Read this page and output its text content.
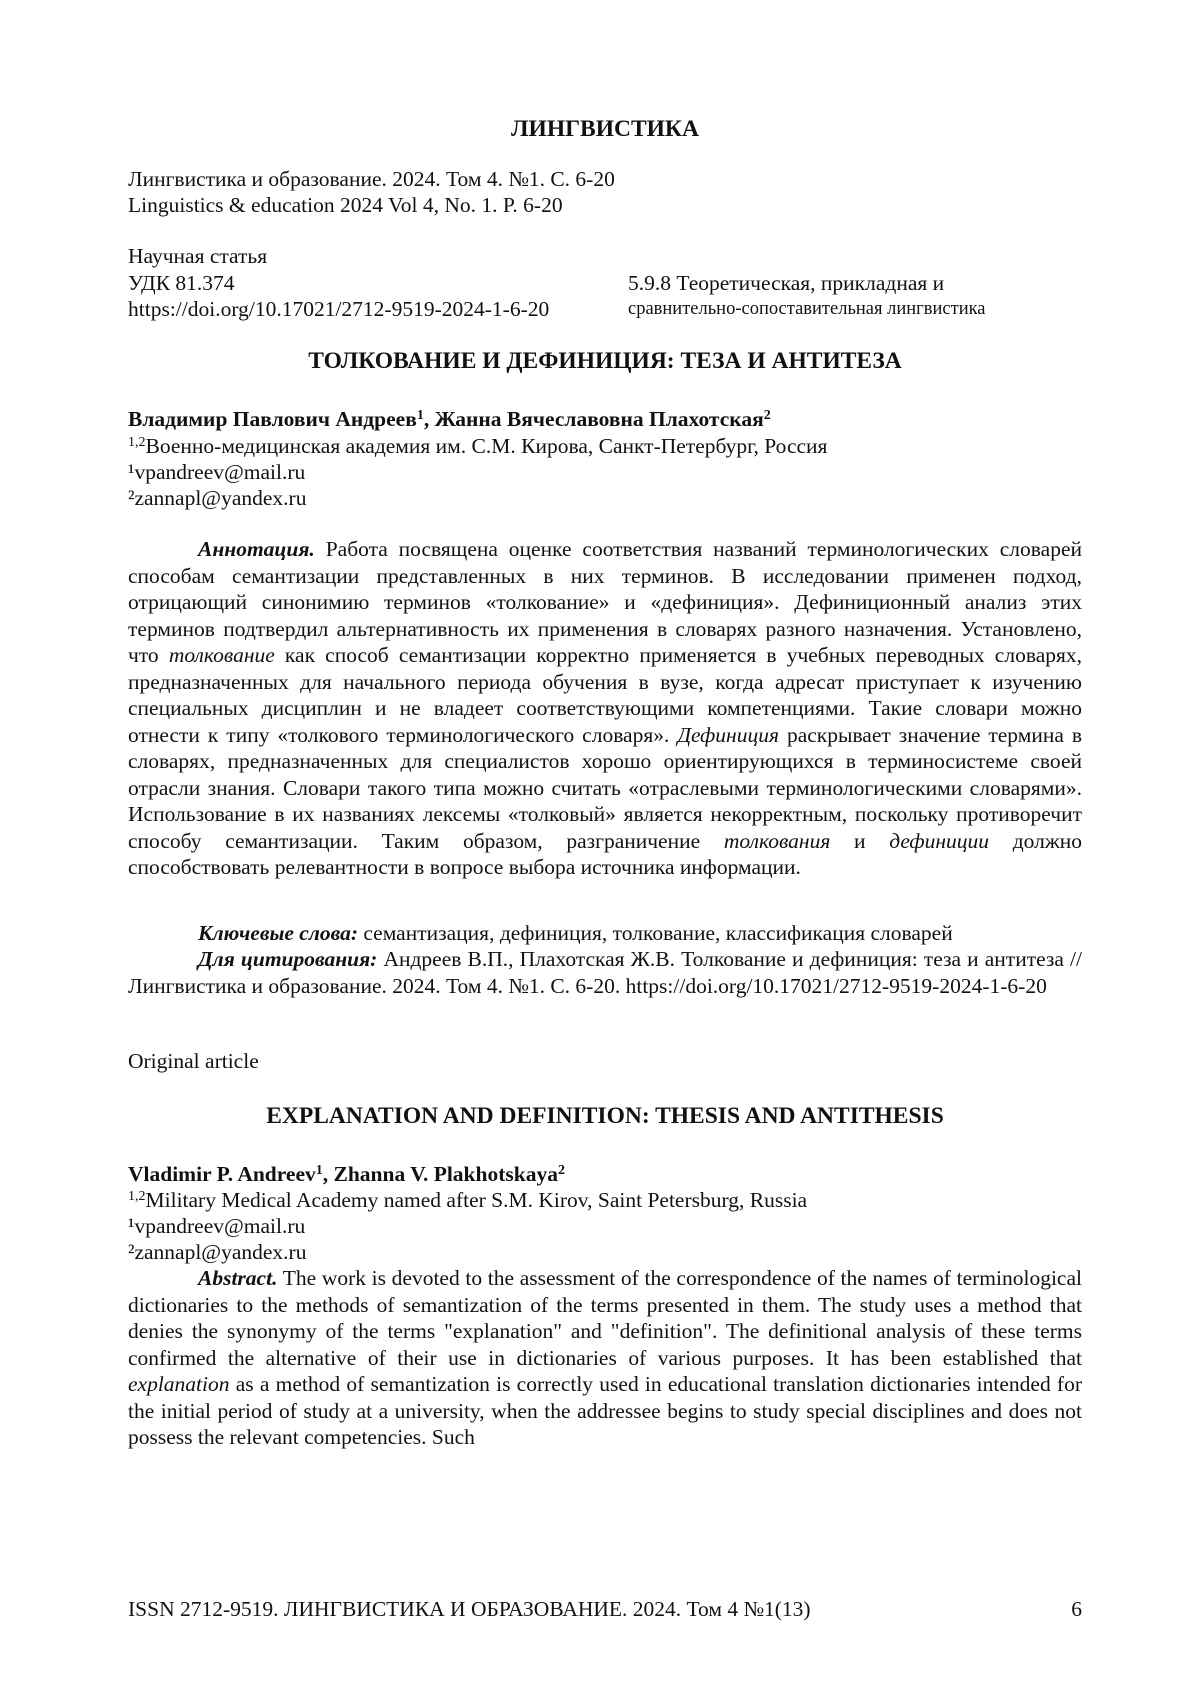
ЛИНГВИСТИКА
Лингвистика и образование. 2024. Том 4. №1. С. 6-20
Linguistics & education 2024 Vol 4, No. 1. P. 6-20
Научная статья
УДК 81.374
https://doi.org/10.17021/2712-9519-2024-1-6-20
5.9.8 Теоретическая, прикладная и
сравнительно-сопоставительная лингвистика
ТОЛКОВАНИЕ И ДЕФИНИЦИЯ: ТЕЗА И АНТИТЕЗА
Владимир Павлович Андреев$^1$, Жанна Вячеславовна Плахотская$^2$
$^{1,2}$Военно-медицинская академия им. С.М. Кирова, Санкт-Петербург, Россия
¹vpandreev@mail.ru
²zannapl@yandex.ru

Аннотация. Работа посвящена оценке соответствия названий терминологических словарей способам семантизации представленных в них терминов. В исследовании применен подход, отрицающий синонимию терминов «толкование» и «дефиниция». Дефиниционный анализ этих терминов подтвердил альтернативность их применения в словарях разного назначения. Установлено, что толкование как способ семантизации корректно применяется в учебных переводных словарях, предназначенных для начального периода обучения в вузе, когда адресат приступает к изучению специальных дисциплин и не владеет соответствующими компетенциями. Такие словари можно отнести к типу «толкового терминологического словаря». Дефиниция раскрывает значение термина в словарях, предназначенных для специалистов хорошо ориентирующихся в терминосистеме своей отрасли знания. Словари такого типа можно считать «отраслевыми терминологическими словарями». Использование в их названиях лексемы «толковый» является некорректным, поскольку противоречит способу семантизации. Таким образом, разграничение толкования и дефиниции должно способствовать релевантности в вопросе выбора источника информации.

Ключевые слова: семантизация, дефиниция, толкование, классификация словарей

Для цитирования: Андреев В.П., Плахотская Ж.В. Толкование и дефиниция: теза и антитеза // Лингвистика и образование. 2024. Том 4. №1. С. 6-20. https://doi.org/10.17021/2712-9519-2024-1-6-20

Original article
EXPLANATION AND DEFINITION: THESIS AND ANTITHESIS
Vladimir P. Andreev$^1$, Zhanna V. Plakhotskaya$^2$
$^{1,2}$Military Medical Academy named after S.M. Kirov, Saint Petersburg, Russia
¹vpandreev@mail.ru
²zannapl@yandex.ru

Abstract. The work is devoted to the assessment of the correspondence of the names of terminological dictionaries to the methods of semantization of the terms presented in them. The study uses a method that denies the synonymy of the terms "explanation" and "definition". The definitional analysis of these terms confirmed the alternative of their use in dictionaries of various purposes. It has been established that explanation as a method of semantization is correctly used in educational translation dictionaries intended for the initial period of study at a university, when the addressee begins to study special disciplines and does not possess the relevant competencies. Such

ISSN 2712-9519. ЛИНГВИСТИКА И ОБРАЗОВАНИЕ. 2024. Том 4 №1(13)	6
